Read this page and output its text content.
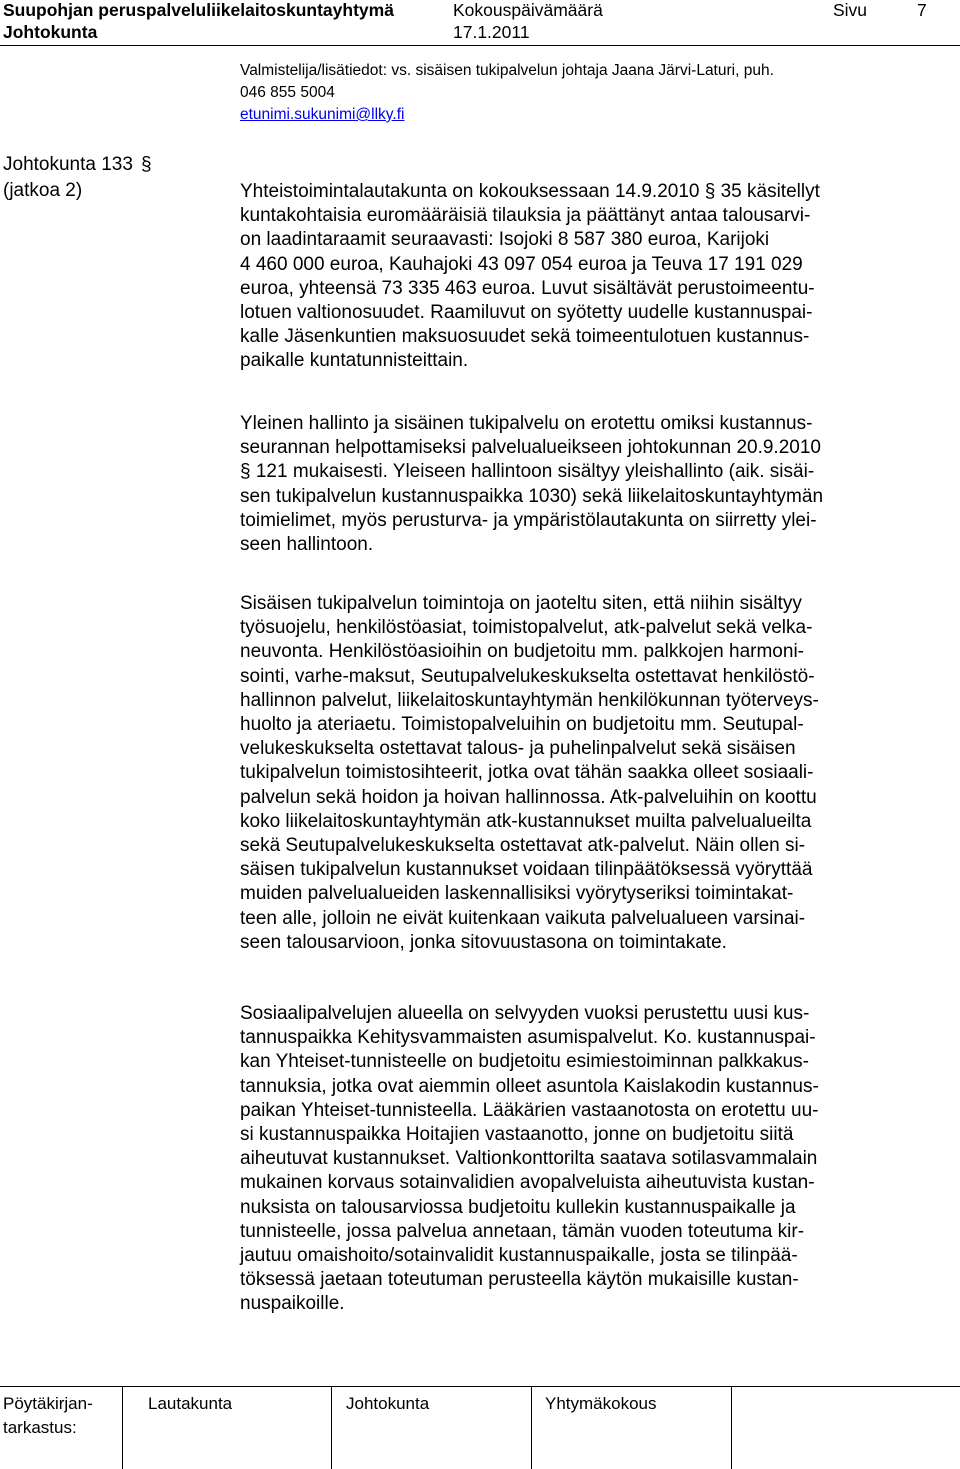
Suupohjan peruspalveluliikelaitoskuntayhtymä	Kokouspäivämäärä	Sivu	7
Johtokunta	17.1.2011
Valmistelija/lisätiedot: vs. sisäisen tukipalvelun johtaja Jaana Järvi-Laturi, puh.
046 855 5004
etunimi.sukunimi@llky.fi
Johtokunta 133 §
(jatkoa 2)	Yhteistoimintalautakunta on kokouksessaan 14.9.2010 § 35 käsitellyt
kuntakohtaisia euromääräisiä tilauksia ja päättänyt antaa talousarvi-
on laadintaraamit seuraavasti: Isojoki 8 587 380 euroa, Karijoki
4 460 000 euroa, Kauhajoki 43 097 054 euroa ja Teuva 17 191 029
euroa, yhteensä 73 335 463 euroa. Luvut sisältävät perustoimeentu-
lotuen valtionosuudet. Raamiluvut on syötetty uudelle kustannuspai-
kalle Jäsenkuntien maksuosuudet sekä toimeentulotuen kustannus-
paikalle kuntatunnisteittain.
Yleinen hallinto ja sisäinen tukipalvelu on erotettu omiksi kustannus-
seurannan helpottamiseksi palvelualueikseen johtokunnan 20.9.2010
§ 121 mukaisesti. Yleiseen hallintoon sisältyy yleishallinto (aik. sisäi-
sen tukipalvelun kustannuspaikka 1030) sekä liikelaitoskuntayhtymän
toimielimet, myös perusturva- ja ympäristölautakunta on siirretty ylei-
seen hallintoon.
Sisäisen tukipalvelun toimintoja on jaoteltu siten, että niihin sisältyy
työsuojelu, henkilöstöasiat, toimistopalvelut, atk-palvelut sekä velka-
neuvonta. Henkilöstöasioihin on budjetoitu mm. palkkojen harmoni-
sointi, varhe-maksut, Seutupalvelukeskukselta ostettavat henkilöstö-
hallinnon palvelut, liikelaitoskuntayhtymän henkilökunnan työterveys-
huolto ja ateriaetu. Toimistopalveluihin on budjetoitu mm. Seutupal-
velukeskukselta ostettavat talous- ja puhelinpalvelut sekä sisäisen
tukipalvelun toimistosihteerit, jotka ovat tähän saakka olleet sosiaali-
palvelun sekä hoidon ja hoivan hallinnossa. Atk-palveluihin on koottu
koko liikelaitoskuntayhtymän atk-kustannukset muilta palvelualueilta
sekä Seutupalvelukeskukselta ostettavat atk-palvelut. Näin ollen si-
säisen tukipalvelun kustannukset voidaan tilinpäätöksessä vyöryttää
muiden palvelualueiden laskennallisiksi vyörytyseriksi toimintakat-
teen alle, jolloin ne eivät kuitenkaan vaikuta palvelualueen varsinai-
seen talousarvioon, jonka sitovuustasona on toimintakate.
Sosiaalipalvelujen alueella on selvyyden vuoksi perustettu uusi kus-
tannuspaikka Kehitysvammaisten asumispalvelut. Ko. kustannuspai-
kan Yhteiset-tunnisteelle on budjetoitu esimiestoiminnan palkkakus-
tannuksia, jotka ovat aiemmin olleet asuntola Kaislakodin kustannus-
paikan Yhteiset-tunnisteella. Lääkärien vastaanotosta on erotettu uu-
si kustannuspaikka Hoitajien vastaanotto, jonne on budjetoitu siitä
aiheutuvat kustannukset. Valtionkonttorilta saatava sotilasvammalain
mukainen korvaus sotainvalidien avopalveluista aiheutuvista kustan-
nuksista on talousarviossa budjetoitu kullekin kustannuspaikalle ja
tunnisteelle, jossa palvelua annetaan, tämän vuoden toteutuma kir-
jautuu omaishoito/sotainvalidit kustannuspaikalle, josta se tilinpää-
töksessä jaetaan toteutuman perusteella käytön mukaisille kustan-
nuspaikoille.
Pöytäkirjan-
tarkastus:
Lautakunta	Johtokunta	Yhtymäkokous
